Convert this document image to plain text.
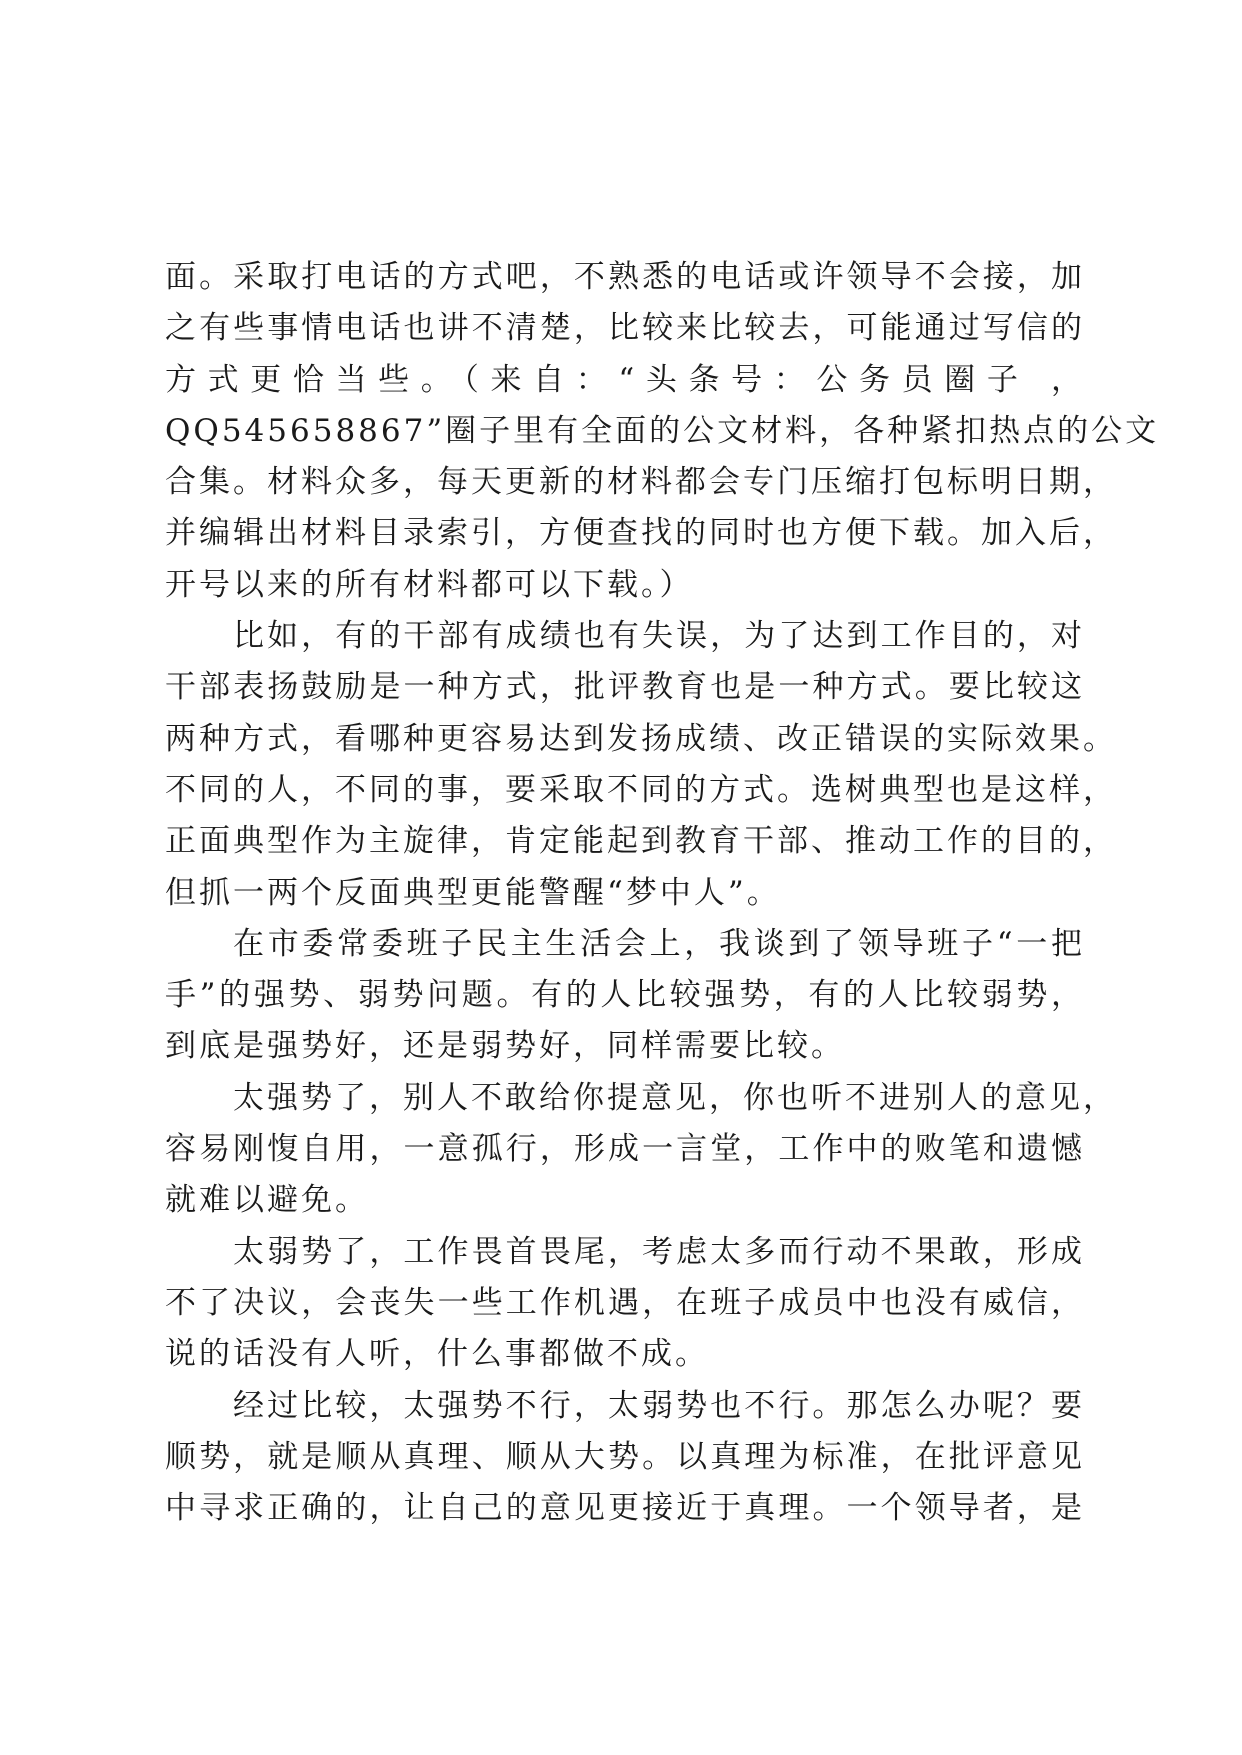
面。采取打电话的方式吧，不熟悉的电话或许领导不会接，加
之有些事情电话也讲不清楚，比较来比较去，可能通过写信的
方式更恰当些。（来自：“头条号：公务员圈子 ，
QQ545658867”圈子里有全面的公文材料，各种紧扣热点的公文
合集。材料众多，每天更新的材料都会专门压缩打包标明日期，
并编辑出材料目录索引，方便查找的同时也方便下载。加入后，
开号以来的所有材料都可以下载。）
比如，有的干部有成绩也有失误，为了达到工作目的，对
干部表扬鼓励是一种方式，批评教育也是一种方式。要比较这
两种方式，看哪种更容易达到发扬成绩、改正错误的实际效果。
不同的人，不同的事，要采取不同的方式。选树典型也是这样，
正面典型作为主旋律，肯定能起到教育干部、推动工作的目的，
但抓一两个反面典型更能警醒“梦中人”。
在市委常委班子民主生活会上，我谈到了领导班子“一把
手”的强势、弱势问题。有的人比较强势，有的人比较弱势，
到底是强势好，还是弱势好，同样需要比较。
太强势了，别人不敢给你提意见，你也听不进别人的意见，
容易刚愎自用，一意孤行，形成一言堂，工作中的败笔和遗憾
就难以避免。
太弱势了，工作畏首畏尾，考虑太多而行动不果敢，形成
不了决议，会丧失一些工作机遇，在班子成员中也没有威信，
说的话没有人听，什么事都做不成。
经过比较，太强势不行，太弱势也不行。那怎么办呢？要
顺势，就是顺从真理、顺从大势。以真理为标准，在批评意见
中寻求正确的，让自己的意见更接近于真理。一个领导者，是
